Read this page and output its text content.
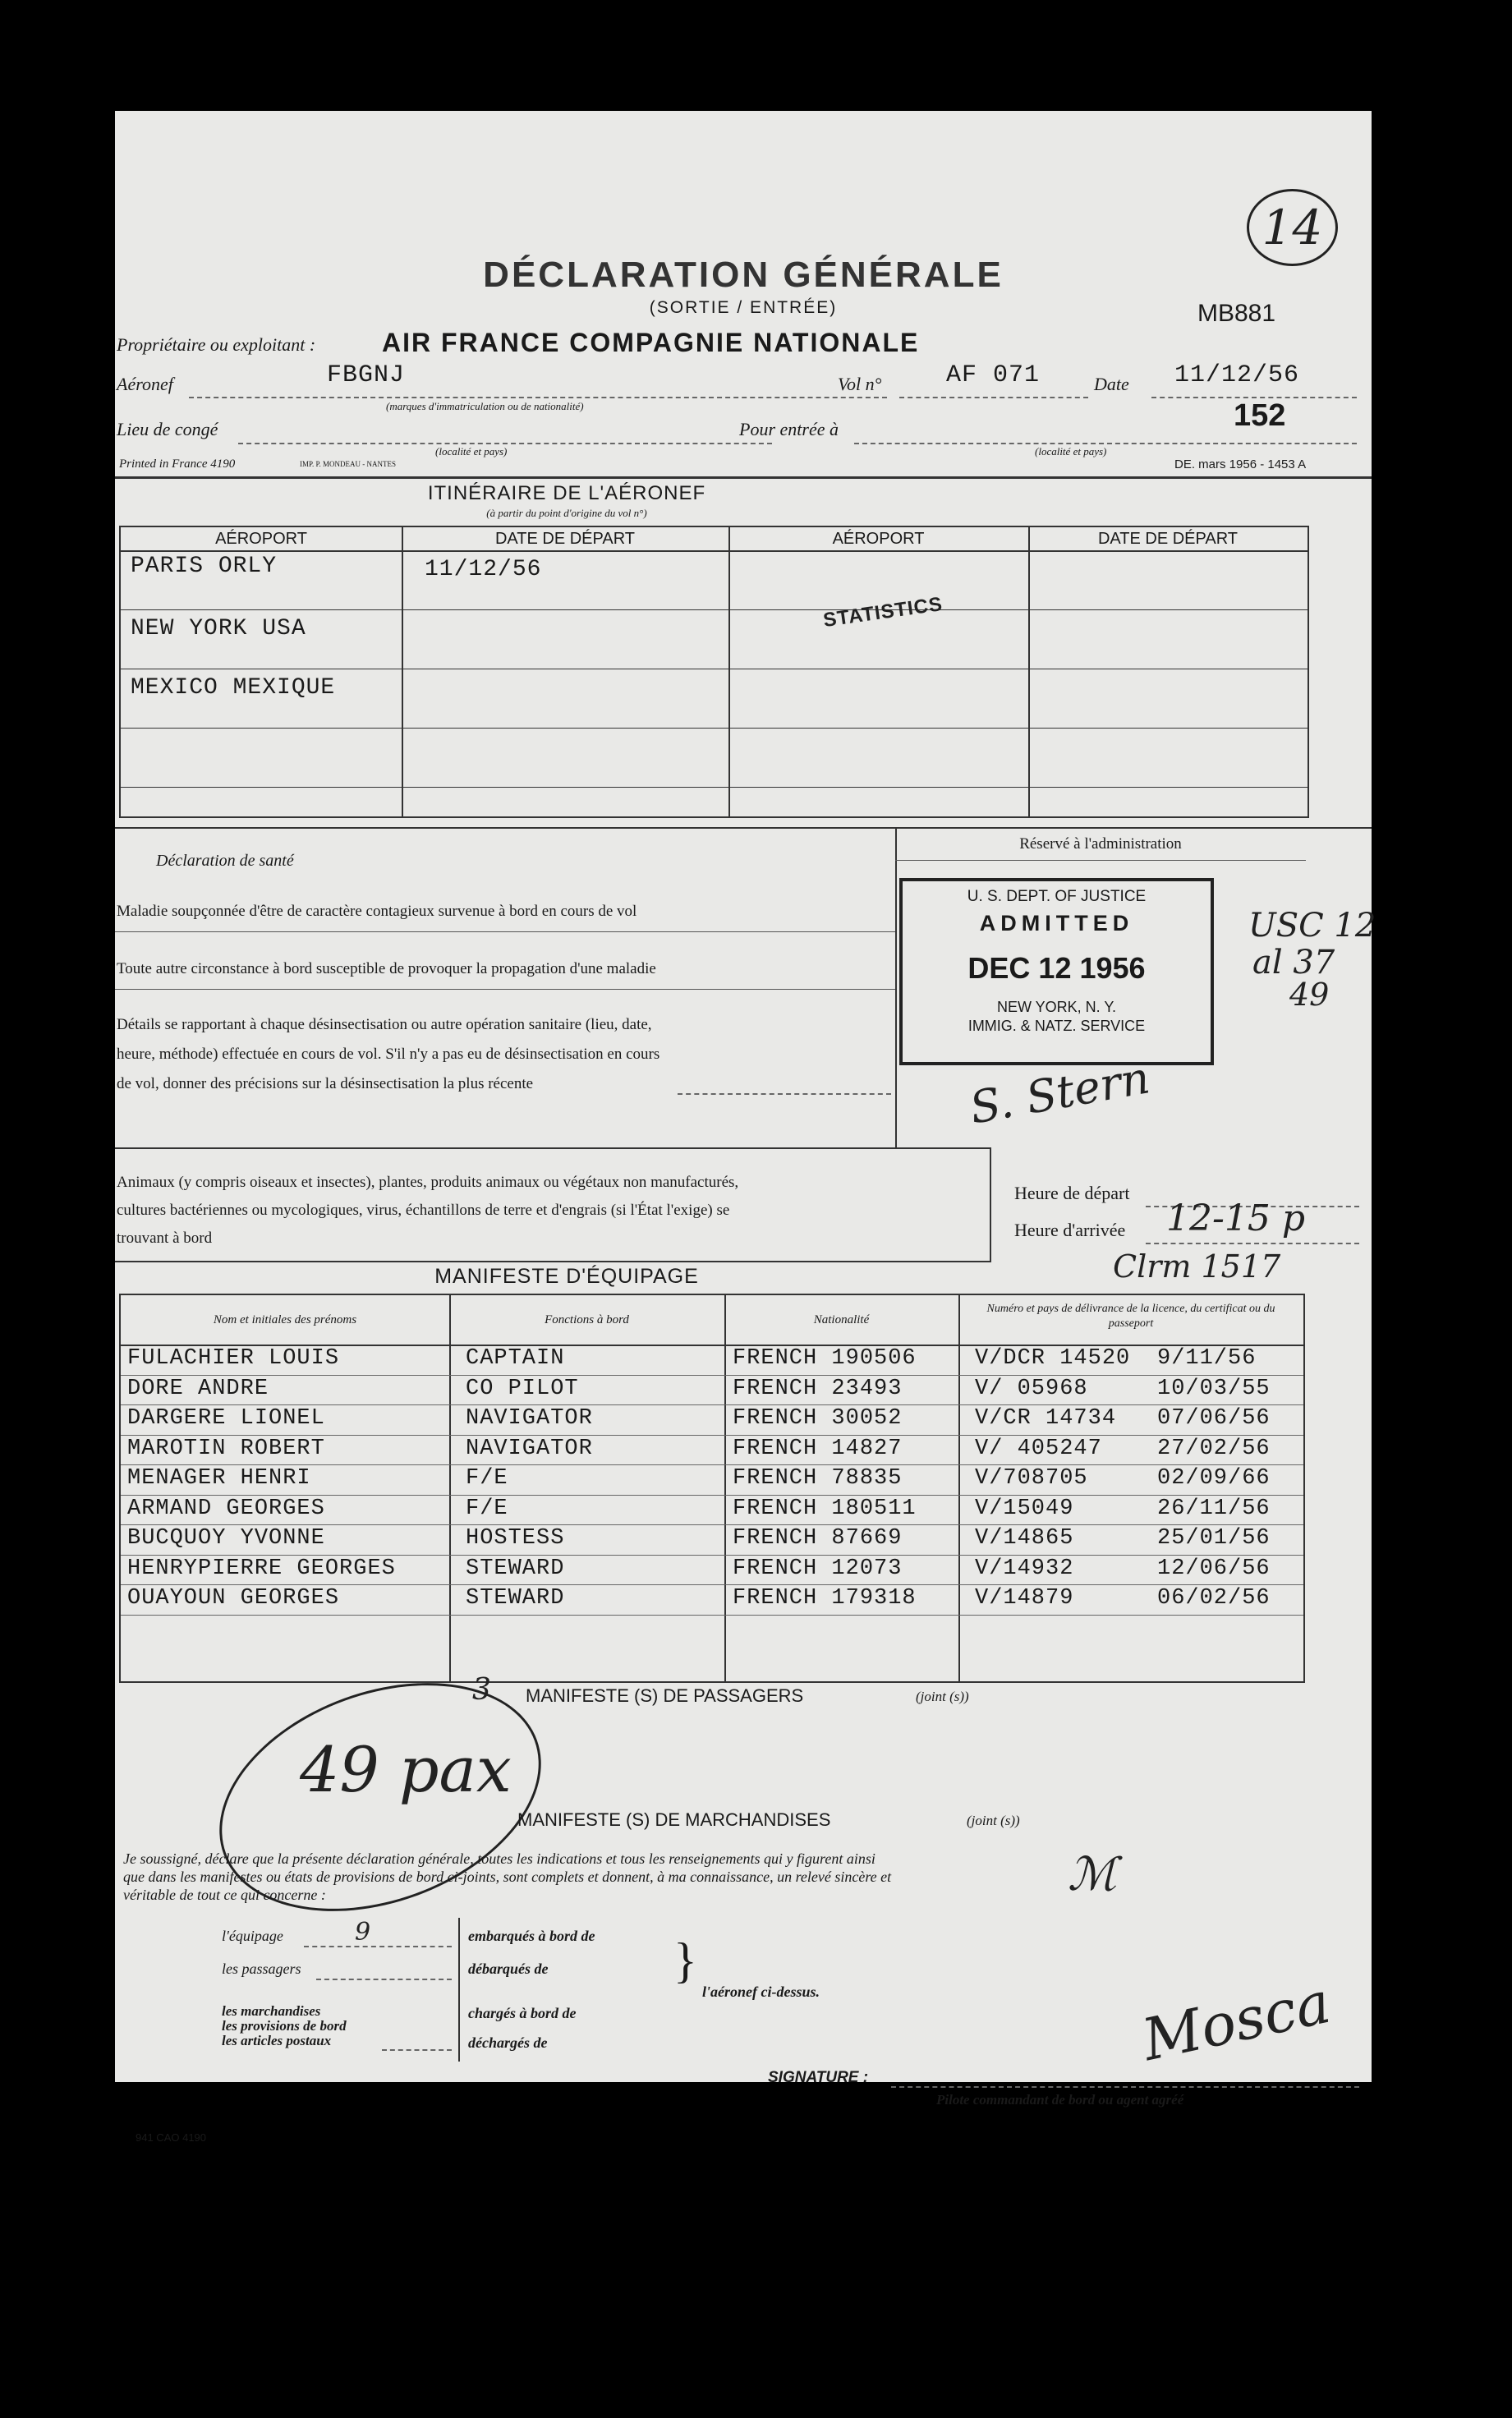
14
DÉCLARATION GÉNÉRALE
(SORTIE / ENTRÉE)	MB881
Propriétaire ou exploitant :	AIR FRANCE COMPAGNIE NATIONALE
Aéronef	FBGNJ
(marques d'immatriculation ou de nationalité)
Vol n°	AF 071	Date 11/12/56
152
Lieu de congé
(localité et pays)
Pour entrée à
(localité et pays)
Printed in France 4190	IMP. P. MONDEAU - NANTES	DE. mars 1956 - 1453 A
ITINÉRAIRE DE L'AÉRONEF
(à partir du point d'origine du vol n°)
AÉROPORT	DATE DE DÉPART	AÉROPORT	DATE DE DÉPART
PARIS ORLY	11/12/56
NEW YORK USA
MEXICO MEXIQUE
STATISTICS
Déclaration de santé
Maladie soupçonnée d'être de caractère contagieux survenue à bord en cours de vol
Toute autre circonstance à bord susceptible de provoquer la propagation d'une maladie
Détails se rapportant à chaque désinsectisation ou autre opération sanitaire (lieu, date,
heure, méthode) effectuée en cours de vol. S'il n'y a pas eu de désinsectisation en cours
de vol, donner des précisions sur la désinsectisation la plus récente
Réservé à l'administration
U. S. DEPT. OF JUSTICE
ADMITTED
DEC 12 1956
NEW YORK, N. Y.
IMMIG. & NATZ. SERVICE
USC 12
al 37
49
S. Stern
Animaux (y compris oiseaux et insectes), plantes, produits animaux ou végétaux non manufacturés,
cultures bactériennes ou mycologiques, virus, échantillons de terre et d'engrais (si l'État l'exige) se
trouvant à bord
Heure de départ
Heure d'arrivée 12-15 p
MANIFESTE D'ÉQUIPAGE	Clrm 1517
Nom et initiales des prénoms	Fonctions à bord	Nationalité
Numéro et pays de délivrance de la licence, du certificat ou du passeport
FULACHIER LOUIS	CAPTAIN	FRENCH 190506	V/DCR 14520 9/11/56
DORE ANDRE	CO PILOT	FRENCH 23493	V/ 05968	10/03/55
DARGERE LIONEL	NAVIGATOR	FRENCH 30052	V/CR 14734 07/06/56
MAROTIN ROBERT	NAVIGATOR	FRENCH 14827	V/ 405247 27/02/56
MENAGER HENRI	F/E	FRENCH 78835	V/708705	02/09/66
ARMAND GEORGES	F/E	FRENCH 180511	V/15049	26/11/56
BUCQUOY YVONNE	HOSTESS	FRENCH 87669	V/14865	25/01/56
HENRYPIERRE GEORGES	STEWARD	FRENCH 12073	V/14932	12/06/56
OUAYOUN GEORGES	STEWARD	FRENCH 179318	V/14879	06/02/56
3 MANIFESTE (S) DE PASSAGERS	(joint (s))
49 pax
MANIFESTE (S) DE MARCHANDISES	(joint (s))
Je soussigné, déclare que la présente déclaration générale, toutes les indications et tous les renseignements qui y figurent ainsi
que dans les manifestes ou états de provisions de bord ci-joints, sont complets et donnent, à ma connaissance, un relevé sincère et
véritable de tout ce qui concerne :	ℳ
l'équipage	9
les passagers
les marchandises
les provisions de bord
les articles postaux
embarqués à bord de
débarqués de
chargés à bord de
déchargés de
}
l'aéronef ci-dessus.
SIGNATURE :
Mosca
Pilote commandant de bord ou agent agréé
941 CAO 4190
